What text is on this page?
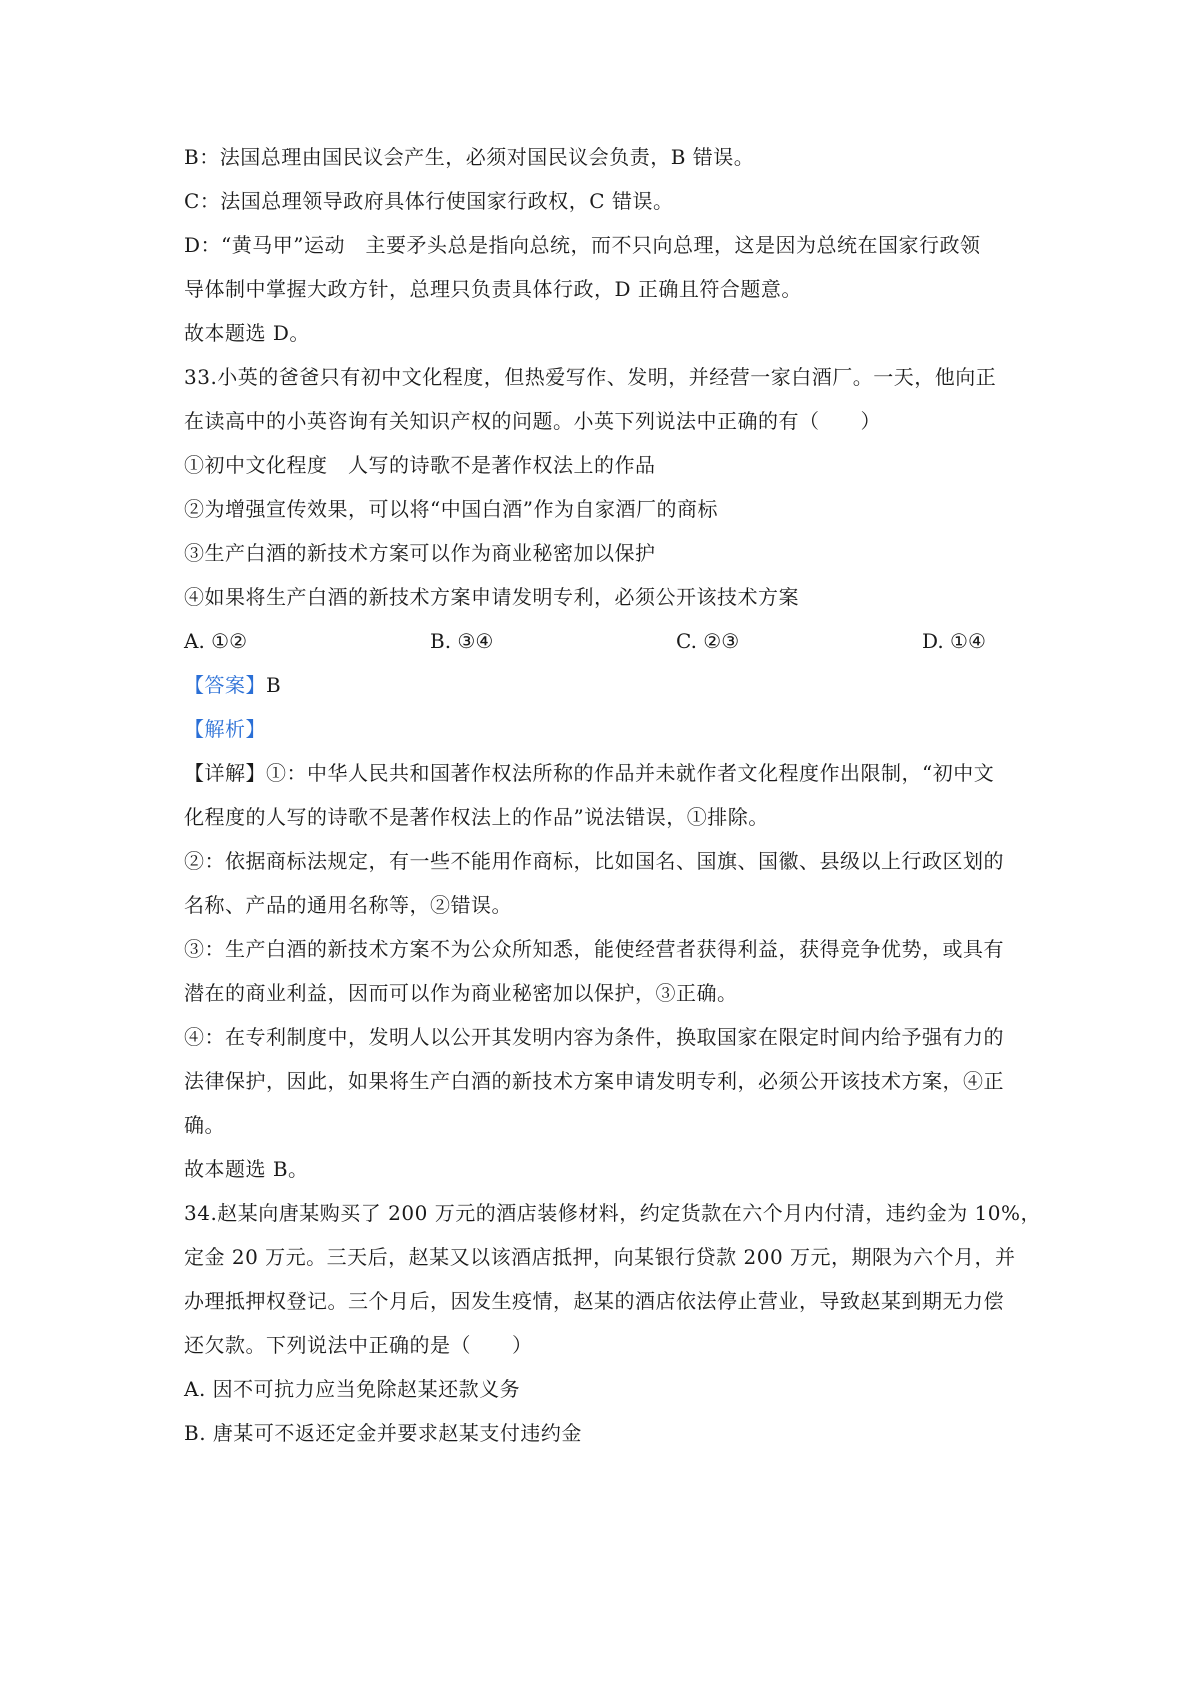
B：法国总理由国民议会产生，必须对国民议会负责，B 错误。
C：法国总理领导政府具体行使国家行政权，C 错误。
D：“黄马甲”运动　主要矛头总是指向总统，而不只向总理，这是因为总统在国家行政领
导体制中掌握大政方针，总理只负责具体行政，D 正确且符合题意。
故本题选 D。
33.小英的爸爸只有初中文化程度，但热爱写作、发明，并经营一家白酒厂。一天，他向正
在读高中的小英咨询有关知识产权的问题。小英下列说法中正确的有（　　）
①初中文化程度　人写的诗歌不是著作权法上的作品
②为增强宣传效果，可以将“中国白酒”作为自家酒厂的商标
③生产白酒的新技术方案可以作为商业秘密加以保护
④如果将生产白酒的新技术方案申请发明专利，必须公开该技术方案
A. ①②	B. ③④	C. ②③	D. ①④
【答案】B
【解析】
【详解】①：中华人民共和国著作权法所称的作品并未就作者文化程度作出限制，“初中文
化程度的人写的诗歌不是著作权法上的作品”说法错误，①排除。
②：依据商标法规定，有一些不能用作商标，比如国名、国旗、国徽、县级以上行政区划的
名称、产品的通用名称等，②错误。
③：生产白酒的新技术方案不为公众所知悉，能使经营者获得利益，获得竞争优势，或具有
潜在的商业利益，因而可以作为商业秘密加以保护，③正确。
④：在专利制度中，发明人以公开其发明内容为条件，换取国家在限定时间内给予强有力的
法律保护，因此，如果将生产白酒的新技术方案申请发明专利，必须公开该技术方案，④正
确。
故本题选 B。
34.赵某向唐某购买了 200 万元的酒店装修材料，约定货款在六个月内付清，违约金为 10%，
定金 20 万元。三天后，赵某又以该酒店抵押，向某银行贷款 200 万元，期限为六个月，并
办理抵押权登记。三个月后，因发生疫情，赵某的酒店依法停止营业，导致赵某到期无力偿
还欠款。下列说法中正确的是（　　）
A. 因不可抗力应当免除赵某还款义务
B. 唐某可不返还定金并要求赵某支付违约金
